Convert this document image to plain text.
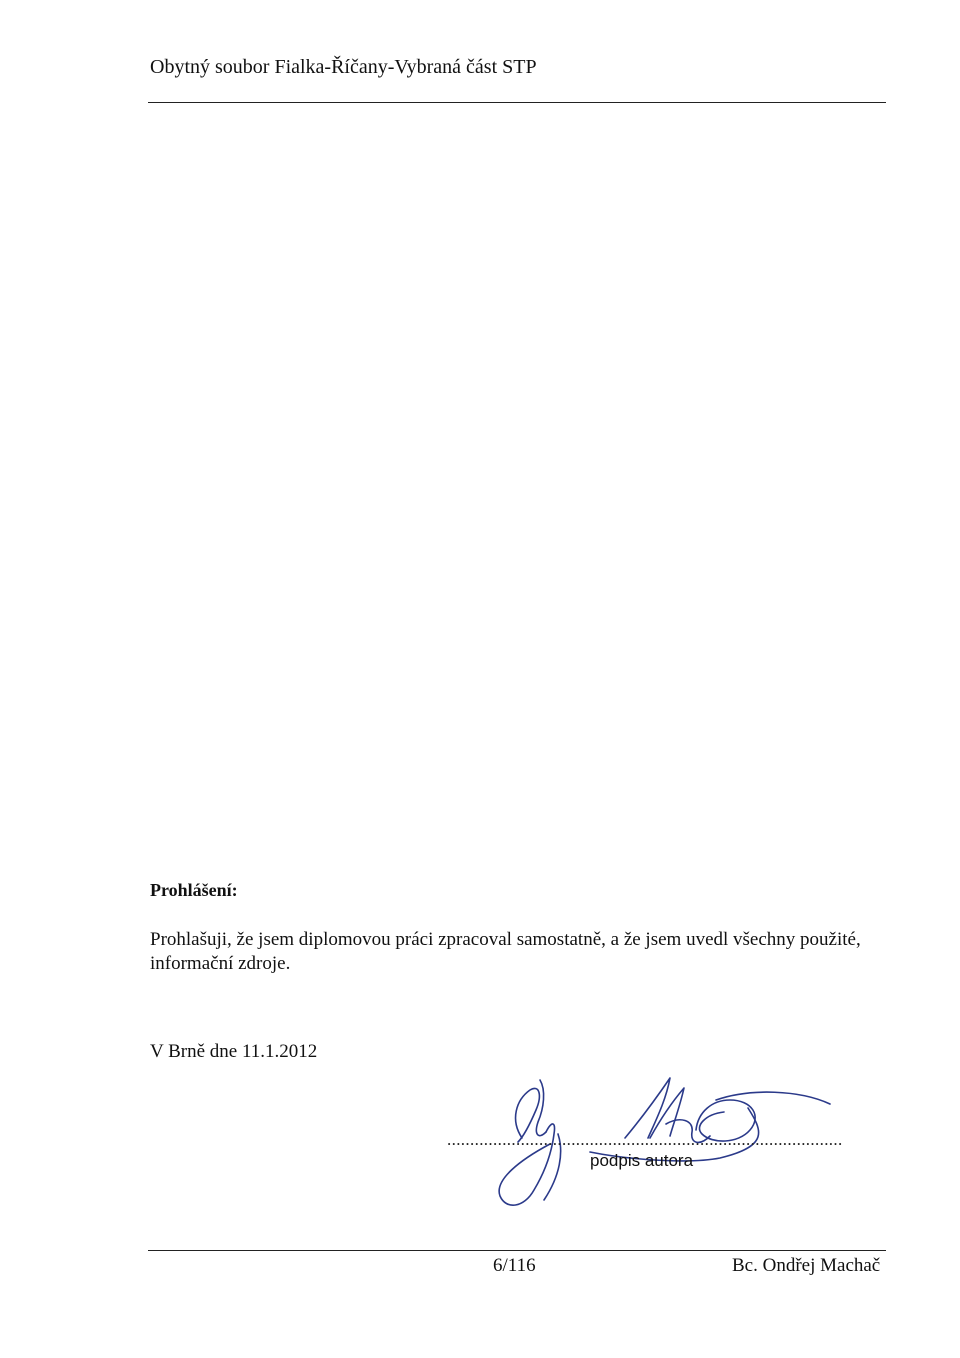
Obytný soubor Fialka-Říčany-Vybraná část STP
Prohlášení:
Prohlašuji, že jsem diplomovou práci zpracoval samostatně, a že jsem uvedl všechny použité, informační zdroje.
V Brně dne 11.1.2012
......................................................................................
podpis autora
6/116	Bc. Ondřej Machač
